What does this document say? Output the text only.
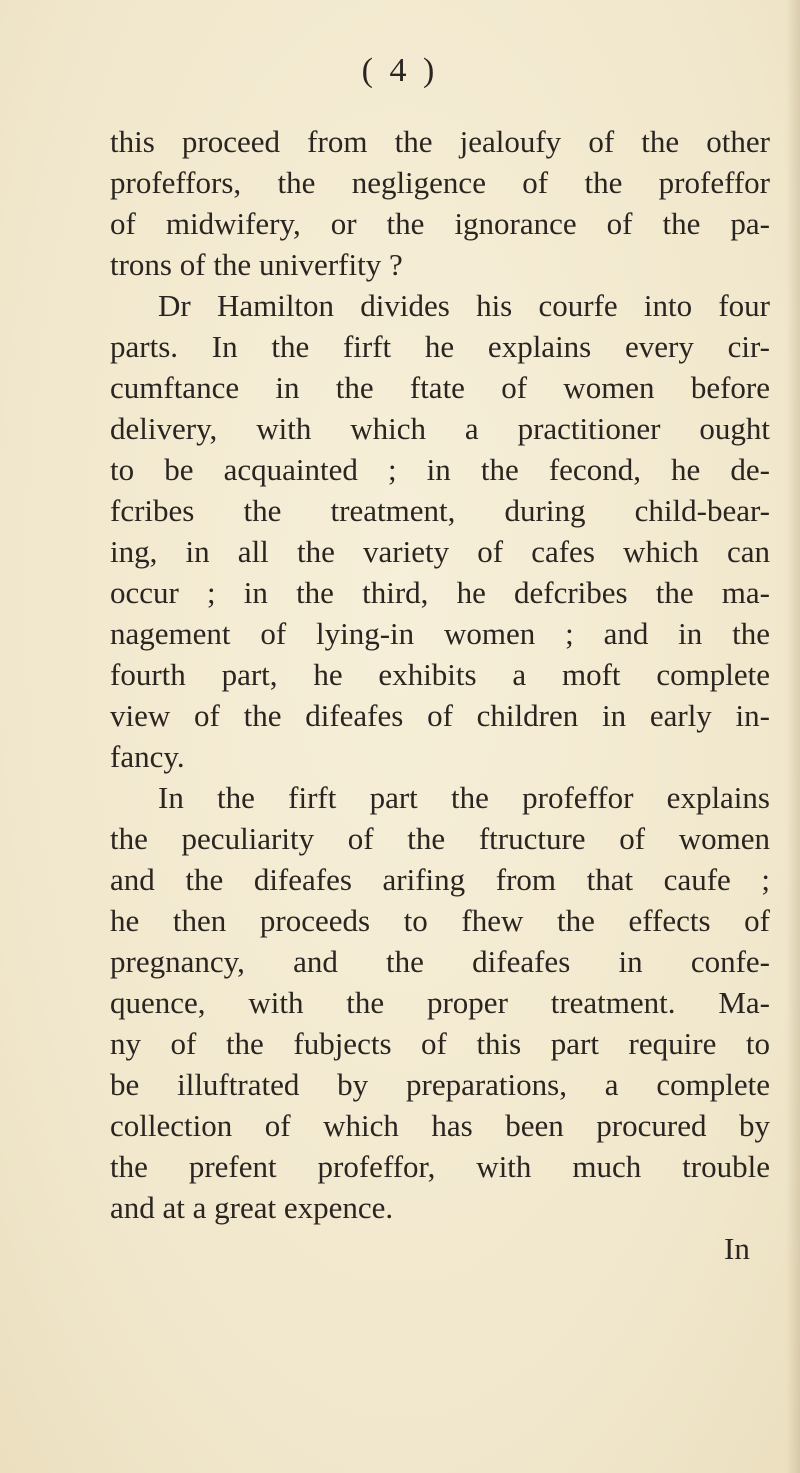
( 4 )
this proceed from the jealoufy of the other
profeffors, the negligence of the profeffor
of midwifery, or the ignorance of the pa-
trons of the univerfity ?
Dr Hamilton divides his courfe into four
parts. In the firft he explains every cir-
cumftance in the ftate of women before
delivery, with which a practitioner ought
to be acquainted ; in the fecond, he de-
fcribes the treatment, during child-bear-
ing, in all the variety of cafes which can
occur ; in the third, he defcribes the ma-
nagement of lying-in women ; and in the
fourth part, he exhibits a moft complete
view of the difeafes of children in early in-
fancy.
In the firft part the profeffor explains
the peculiarity of the ftructure of women
and the difeafes arifing from that caufe ;
he then proceeds to fhew the effects of
pregnancy, and the difeafes in confe-
quence, with the proper treatment. Ma-
ny of the fubjects of this part require to
be illuftrated by preparations, a complete
collection of which has been procured by
the prefent profeffor, with much trouble
and at a great expence.
In
